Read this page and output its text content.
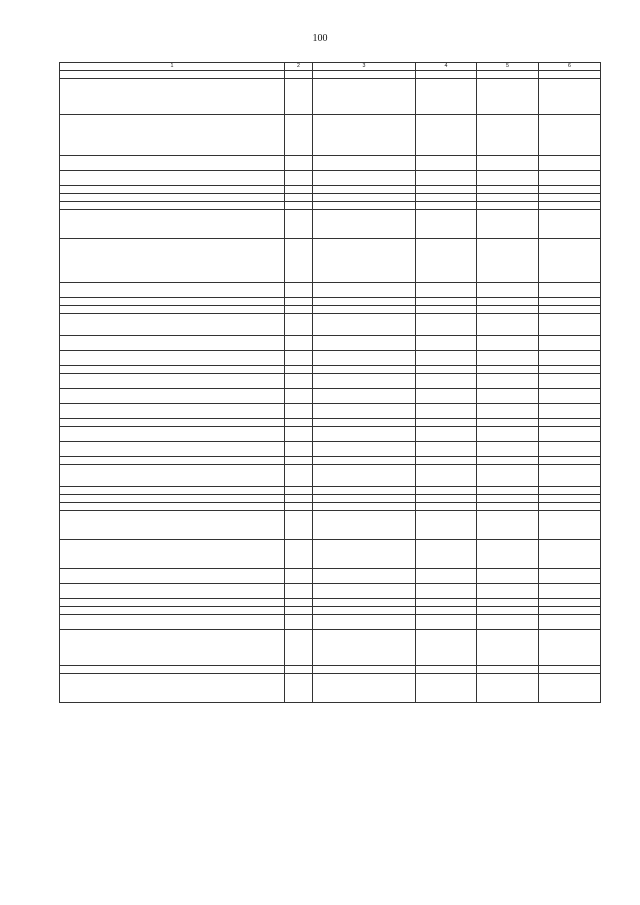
100
1	2	3	4	5	6
